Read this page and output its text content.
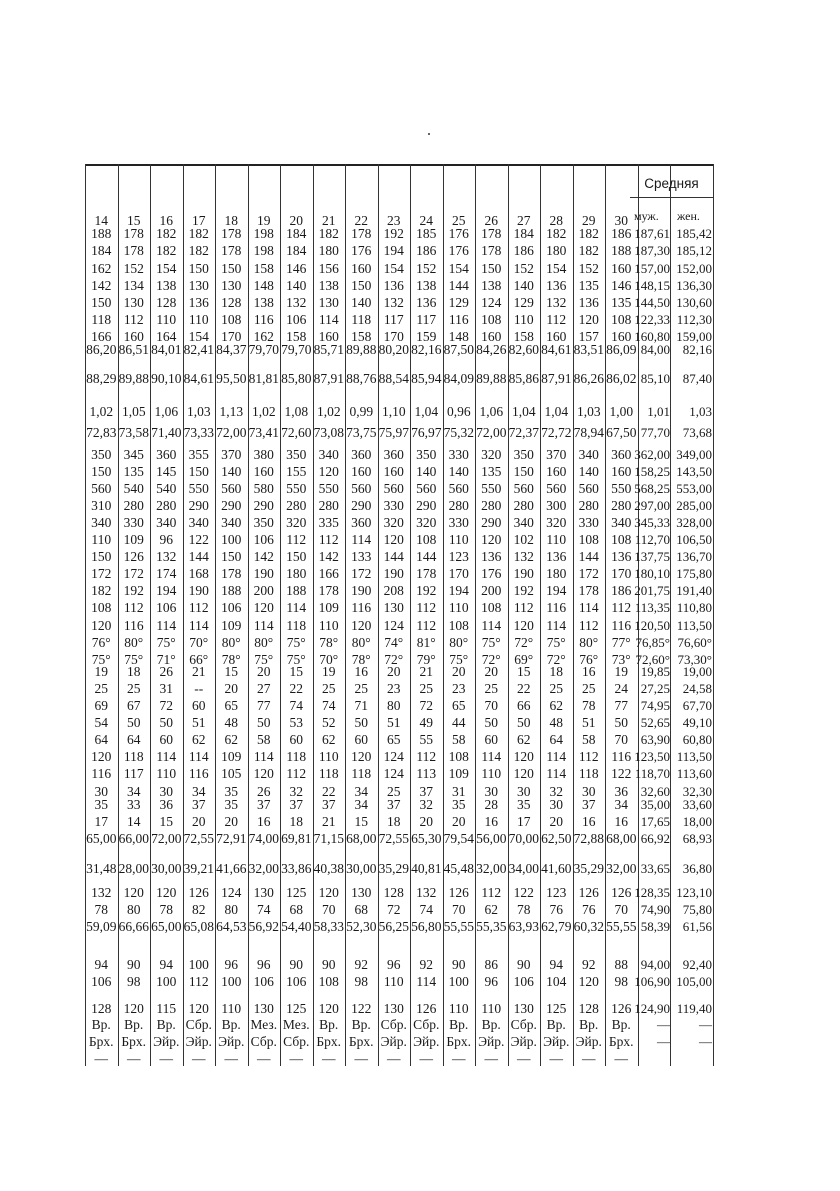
14	15	16	17	18	19	20	21	22	23	24	25	26	27	28	29	30
188 178 182 182 178 198 184 182 178 192 185 176 178 184 182 182 186 187,61 185,42
184 178 182 182 178 198 184 180 176 194 186 176 178 186 180 182 188 187,30 185,12
162 152 154 150 150 158 146 156 160 154 152 154 150 152 154 152 160 157,00 152,00
142 134 138 130 130 148 140 138 150 136 138 144 138 140 136 135 146 148,15 136,30
150 130 128 136 128 138 132 130 140 132 136 129 124 129 132 136 135 144,50 130,60
118 112 110 110 108 116 106 114 118 117 117 116 108 110 112 120 108 122,33 112,30
166 160 164 154 170 162 158 160 158 170 159 148 160 158 160 157 160 160,80 159,00
86,20 86,51 84,01 82,41 84,37 79,70 79,70 85,71 89,88 80,20 82,16 87,50 84,26 82,60 84,61 83,51 86,09 84,00 82,16
88,29 89,88 90,10 84,61 95,50 81,81 85,80 87,91 88,76 88,54 85,94 84,09 89,88 85,86 87,91 86,26 86,02 85,10 87,40
1,02 1,05 1,06 1,03 1,13 1,02 1,08 1,02 0,99 1,10 1,04 0,96 1,06 1,04 1,04 1,03 1,00	1,01	1,03
72,83 73,58 71,40 73,33 72,00 73,41 72,60 73,08 73,75 75,97 76,97 75,32 72,00 72,37 72,72 78,94 67,50 77,70 73,68
350 345 360 355 370 380 350 340 360 360 350 330 320 350 370 340 360 362,00 349,00
150 135 145 150 140 160 155 120 160 160 140 140 135 150 160 140 160 158,25 143,50
560 540 540 550 560 580 550 550 560 560 560 560 550 560 560 560 550 568,25 553,00
310 280 280 290 290 290 280 280 290 330 290 280 280 280 300 280 280 297,00 285,00
340 330 340 340 340 350 320 335 360 320 320 330 290 340 320 330 340 345,33 328,00
110 109	96	122 100 106 112 112 114 120 108 110 120 102 110 108 108 112,70 106,50
150 126 132 144 150 142 150 142 133 144 144 123 136 132 136 144 136 137,75 136,70
172 172 174 168 178 190 180 166 172 190 178 170 176 190 180 172 170 180,10 175,80
182 192 194 190 188 200 188 178 190 208 192 194 200 192 194 178 186 201,75 191,40
108 112 106 112 106 120 114 109 116 130 112 110 108 112 116 114 112 113,35 110,80
120 116 114 114 109 114 118 110 120 124 112 108 114 120 114 112 116 120,50 113,50
76°	80°	75°	70°	80°	80°	75°	78°	80°	74°	81°	80°	75°	72°	75°	80°	77° 76,85° 76,60°
75°	75°	71°	66°	78°	75°	75°	70°	78°	72°	79°	75°	72°	69°	72°	76°	73° 72,60° 73,30°
19	18	26	21	15	20	15	19	16	20	21	20	20	15	18	16	19 19,85 19,00
25	25	31	--	20	27	22	25	25	23	25	23	25	22	25	25	24 27,25 24,58
69	67	72	60	65	77	74	74	71	80	72	65	70	66	62	78	77 74,95 67,70
54	50	50	51	48	50	53	52	50	51	49	44	50	50	48	51	50 52,65 49,10
64	64	60	62	62	58	60	62	60	65	55	58	60	62	64	58	70 63,90 60,80
120 118 114 114 109 114 118 110 120 124 112 108 114 120 114 112 116 123,50 113,50
116 117 110 116 105 120 112 118 118 124 113 109 110 120 114 118 122 118,70 113,60
30	34	30	34	35	26	32	22	34	25	37	31	30	30	32	30	36 32,60 32,30
35	33	36	37	35	37	37	37	34	37	32	35	28	35	30	37	34 35,00 33,60
17	14	15	20	20	16	18	21	15	18	20	20	16	17	20	16	16 17,65 18,00
65,00 66,00 72,00 72,55 72,91 74,00 69,81 71,15 68,00 72,55 65,30 79,54 56,00 70,00 62,50 72,88 68,00 66,92 68,93
31,48 28,00 30,00 39,21 41,66 32,00 33,86 40,38 30,00 35,29 40,81 45,48 32,00 34,00 41,60 35,29 32,00 33,65 36,80
132 120 120 126 124 130 125 120 130 128 132 126 112 122 123 126 126 128,35 123,10
78	80	78	82	80	74	68	70	68	72	74	70	62	78	76	76	70 74,90 75,80
59,09 66,66 65,00 65,08 64,53 56,92 54,40 58,33 52,30 56,25 56,80 55,55 55,35 63,93 62,79 60,32 55,55 58,39 61,56
94	90	94	100	96	96	90	90	92	96	92	90	86	90	94	92	88 94,00 92,40
106	98	100 112 100 106 106 108	98	110 114 100	96	106 104 120	98 106,90 105,00
128 120 115 120 110 130 125 120 122 130 126 110 110 130 125 128 126 124,90 119,40
Вр. Вр. Вр. Сбр. Вр. Мез. Мез. Вр. Вр. Сбр. Сбр. Вр. Вр. Сбр. Вр. Вр. Вр.	—	—
Брх. Брх. Эйр. Эйр. Эйр. Сбр. Сбр. Брх. Брх. Эйр. Эйр. Брх. Эйр. Эйр. Эйр. Эйр. Брх.	—	—
—	—	—	—	—	—	—	—	—	—	—	—	—	—	—	—	—
Средняя
муж. жен.
